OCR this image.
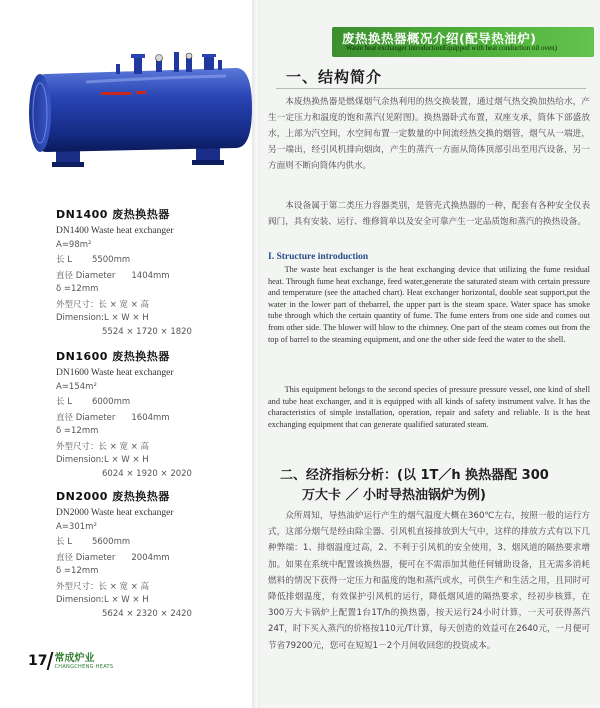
DN1400 废热换热器
DN1400 Waste heat exchanger
A=98m²
长 L 5500mm
直径 Diameter 1404mm
δ =12mm
外型尺寸：长 × 宽 × 高
Dimension:L × W × H
5524 × 1720 × 1820
DN1600 废热换热器
DN1600 Waste heat exchanger
A=154m²
长 L 6000mm
直径 Diameter 1604mm
δ =12mm
外型尺寸：长 × 宽 × 高
Dimension:L × W × H
6024 × 1920 × 2020
DN2000 废热换热器
DN2000 Waste heat exchanger
A=301m²
长 L 5600mm
直径 Diameter 2004mm
δ =12mm
外型尺寸：长 × 宽 × 高
Dimension:L × W × H
5624 × 2320 × 2420
17 常成炉业
CHANGCHENG HEATS
废热换热器概况介绍(配导热油炉)
Waste heat exchanger introductionEquipped with heat conduction oil oven)
一、结构简介

本废热换热器是燃煤烟气余热利用的热交换装置，通过烟气热交换加热给水，产生一定压力和温度的饱和蒸汽(见附图)。换热器卧式布置，双座支承，筒体下部盛放水，上部为汽空间，水空间布置一定数量的中间流经热交换的烟管，烟气从一端进，另一端出，经引风机排向烟囱，产生的蒸汽一方面从筒体顶部引出至用汽设备，另一方面则不断向筒体内供水。

本设备属于第二类压力容器类别，是管壳式换热器的一种，配套有各种安全仪表阀门，具有安装、运行、维修简单以及安全可靠产生一定品质饱和蒸汽的换热设备。

I. Structure introduction

The waste heat exchanger is the heat exchanging device that utilizing the fume residual heat. Through fume heat exchange, feed water,generate the saturated steam with certain pressure and temperature (see the attached chart). Heat exchanger horizontal, double seat support,put the water in the lower part of thebarrel, the upper part is the steam space. Water space has smoke tube through which the certain quantity of fume. The fume enters from one side and comes out from other side. The blower will blow to the chimney. One part of the steam comes out from the top of barrel to the steaming equipment, and one the other side feed the water to the shell.

This equipment belongs to the second species of pressure pressure vessel, one kind of shell and tube heat exchanger, and it is equipped with all kinds of safety instrument valve. It has the characteristics of simple installation, operation, repair and safety and reliable. It is the heat exchanging equipment that can generate qualified saturated steam.

二、经济指标分析：(以 1T／h 换热器配 300
万大卡 ／ 小时导热油锅炉为例)

众所周知，导热油炉运行产生的烟气温度大概在360℃左右，按照一般的运行方式，这部分烟气是经由除尘器、引风机直接排放到大气中，这样的排放方式有以下几种弊端：1、排烟温度过高，2、不利于引风机的安全使用，3、烟风道的隔热要求增加。如果在系统中配置该换热器，便可在不需添加其他任何辅助设备，且无需多消耗燃料的情况下获得一定压力和温度的饱和蒸汽或水，可供生产和生活之用，且同时可降低排烟温度，有效保护引风机的运行，降低烟风道的隔热要求，经初步核算，在300万大卡锅炉上配置1台1T/h的换热器，按天运行24小时计算，一天可获得蒸汽24T，时下买入蒸汽的价格按110元/T计算，每天创造的效益可在2640元，一月便可节省79200元，您可在短短1－2个月间收回您的投资成本。
